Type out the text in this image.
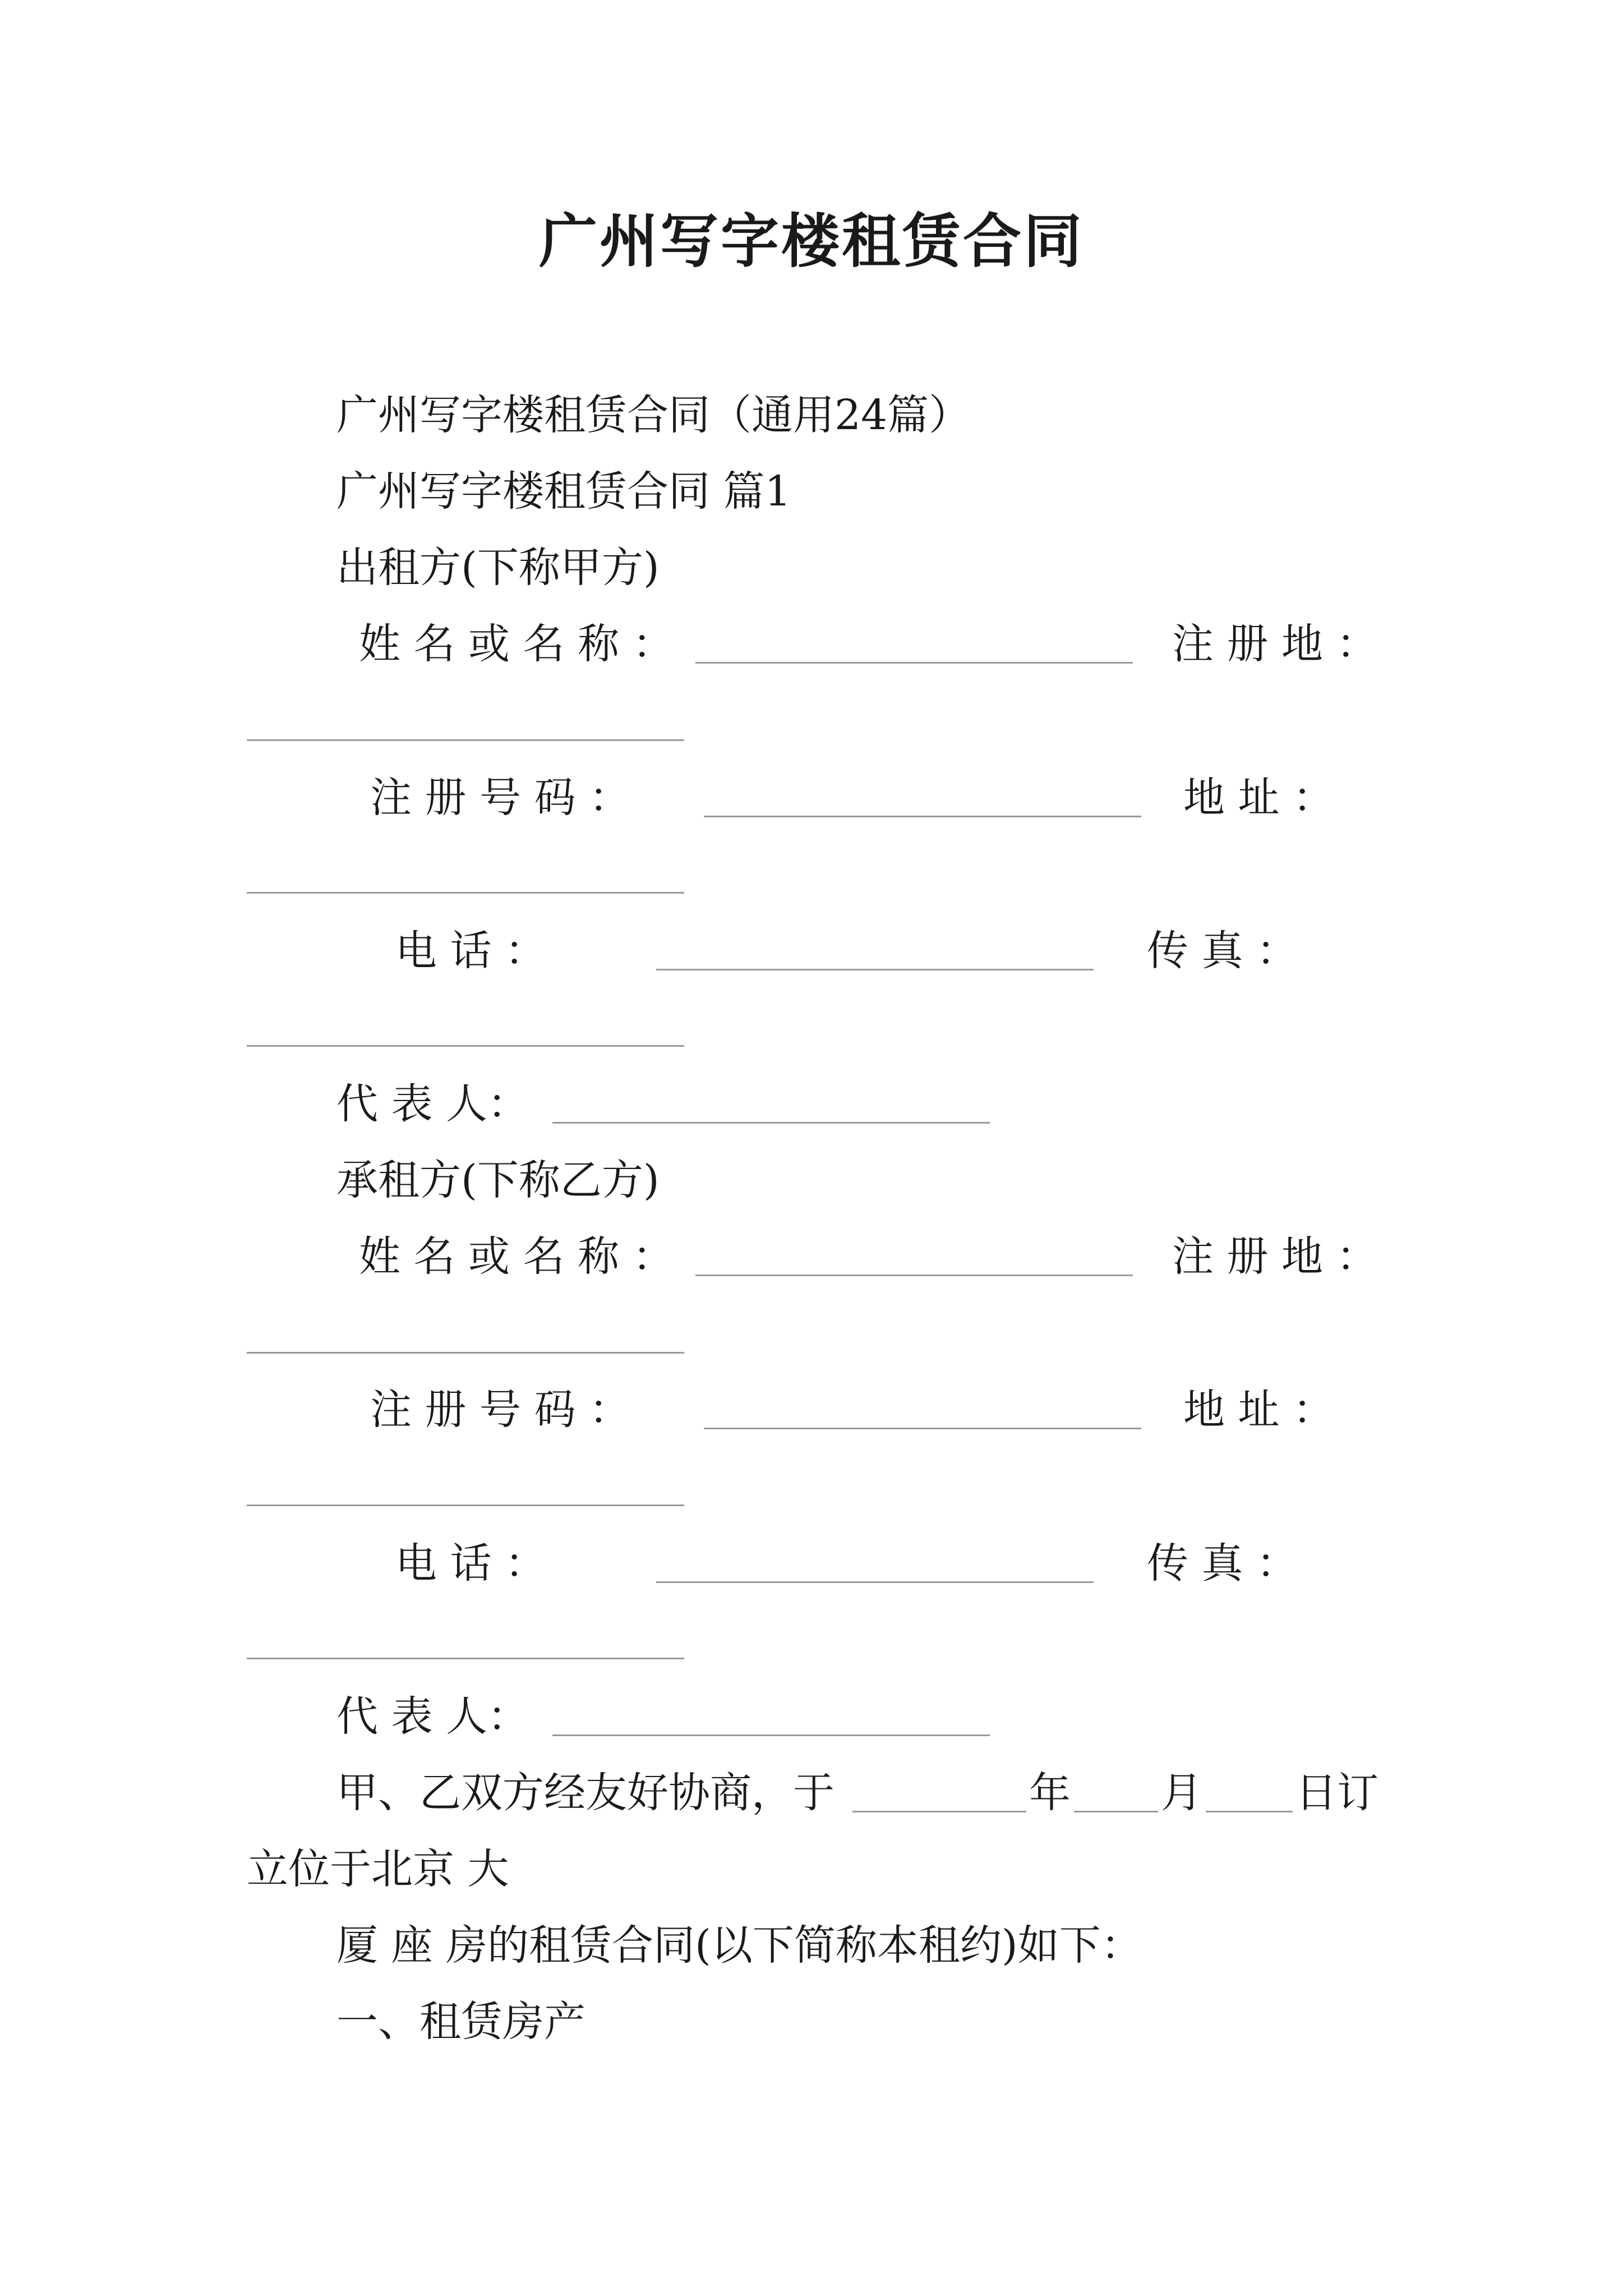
广州写字楼租赁合同
广州写字楼租赁合同（通用24篇）
广州写字楼租赁合同 篇1
出租方(下称甲方)
姓 名 或 名 称 ：	注 册 地 ：
注 册 号 码 ：	地 址 ：
电 话 ：	传 真 ：
代 表 人：
承租方(下称乙方)
姓 名 或 名 称 ：	注 册 地 ：
注 册 号 码 ：	地 址 ：
电 话 ：	传 真 ：
代 表 人：
甲、乙双方经友好协商，于	年 月 日订
立位于北京 大
厦 座 房的租赁合同(以下简称本租约)如下：
一、租赁房产
